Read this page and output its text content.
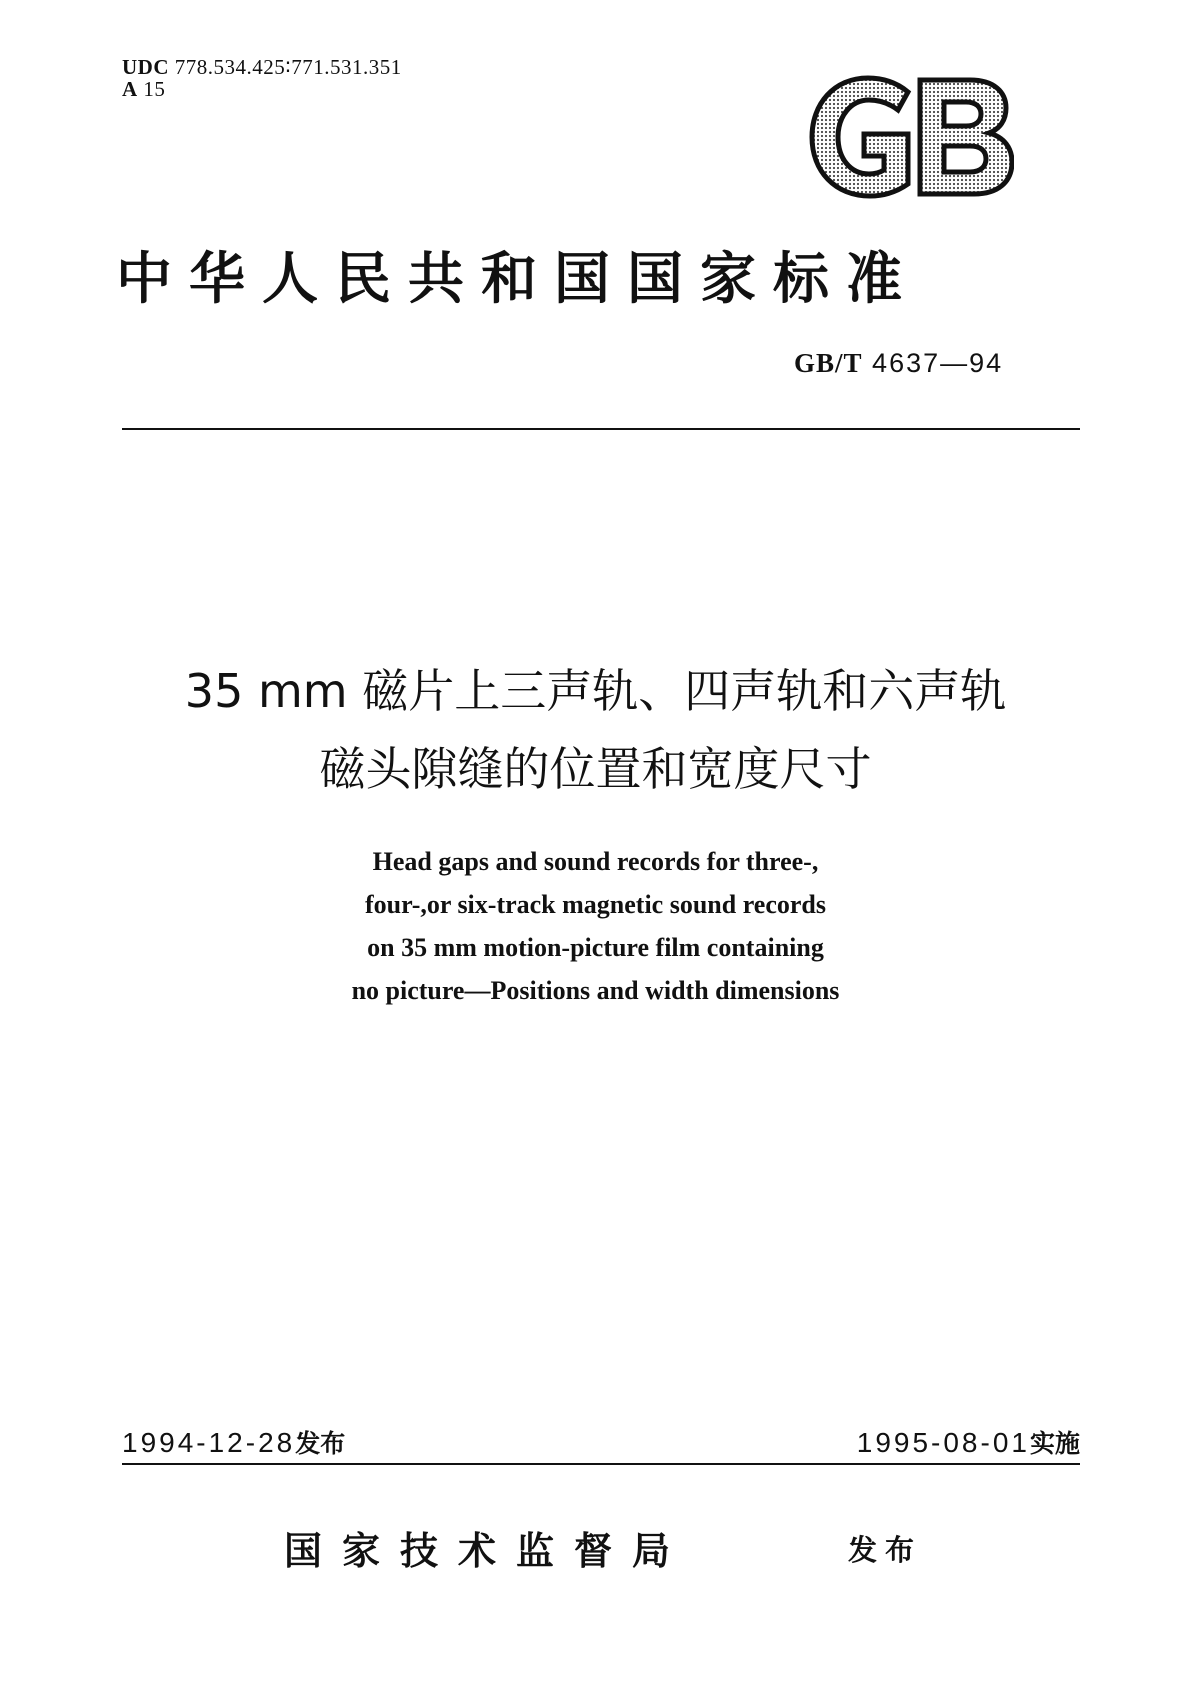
UDC 778.534.425∶771.531.351
A 15
中华人民共和国国家标准
GB/T 4637—94
35 mm 磁片上三声轨、四声轨和六声轨
磁头隙缝的位置和宽度尺寸
Head gaps and sound records for three-,
four-,or six-track magnetic sound records
on 35 mm motion-picture film containing
no picture—Positions and width dimensions
1994-12-28发布	1995-08-01实施
国家技术监督局	发布
